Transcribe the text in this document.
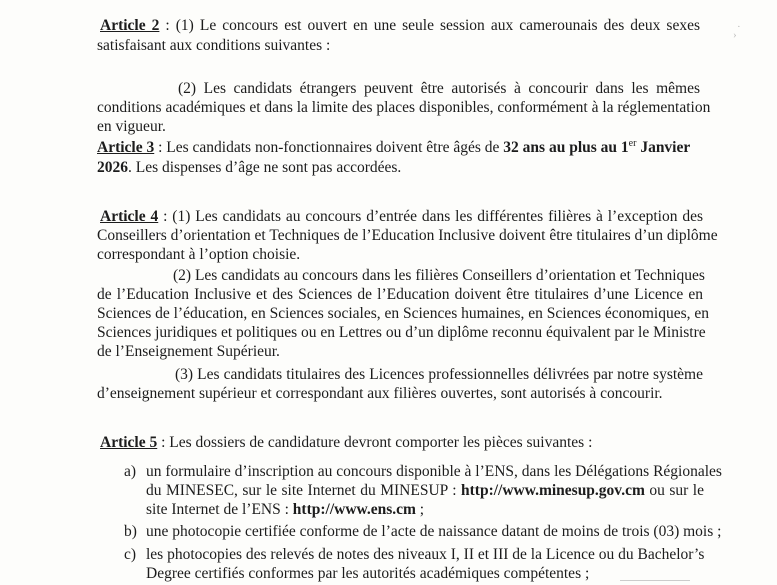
·
›
Article 2 : (1) Le concours est ouvert en une seule session aux camerounais des deux sexes
satisfaisant aux conditions suivantes :
(2) Les candidats étrangers peuvent être autorisés à concourir dans les mêmes
conditions académiques et dans la limite des places disponibles, conformément à la réglementation
en vigueur.
Article 3 : Les candidats non-fonctionnaires doivent être âgés de 32 ans au plus au 1er Janvier
2026. Les dispenses d’âge ne sont pas accordées.
Article 4 : (1) Les candidats au concours d’entrée dans les différentes filières à l’exception des
Conseillers d’orientation et Techniques de l’Education Inclusive doivent être titulaires d’un diplôme
correspondant à l’option choisie.
(2) Les candidats au concours dans les filières Conseillers d’orientation et Techniques
de l’Education Inclusive et des Sciences de l’Education doivent être titulaires d’une Licence en
Sciences de l’éducation, en Sciences sociales, en Sciences humaines, en Sciences économiques, en
Sciences juridiques et politiques ou en Lettres ou d’un diplôme reconnu équivalent par le Ministre
de l’Enseignement Supérieur.
(3) Les candidats titulaires des Licences professionnelles délivrées par notre système
d’enseignement supérieur et correspondant aux filières ouvertes, sont autorisés à concourir.
Article 5 : Les dossiers de candidature devront comporter les pièces suivantes :
a) un formulaire d’inscription au concours disponible à l’ENS, dans les Délégations Régionales
du MINESEC, sur le site Internet du MINESUP : http://www.minesup.gov.cm ou sur le
site Internet de l’ENS : http://www.ens.cm ;
b) une photocopie certifiée conforme de l’acte de naissance datant de moins de trois (03) mois ;
c) les photocopies des relevés de notes des niveaux I, II et III de la Licence ou du Bachelor’s
Degree certifiés conformes par les autorités académiques compétentes ;
